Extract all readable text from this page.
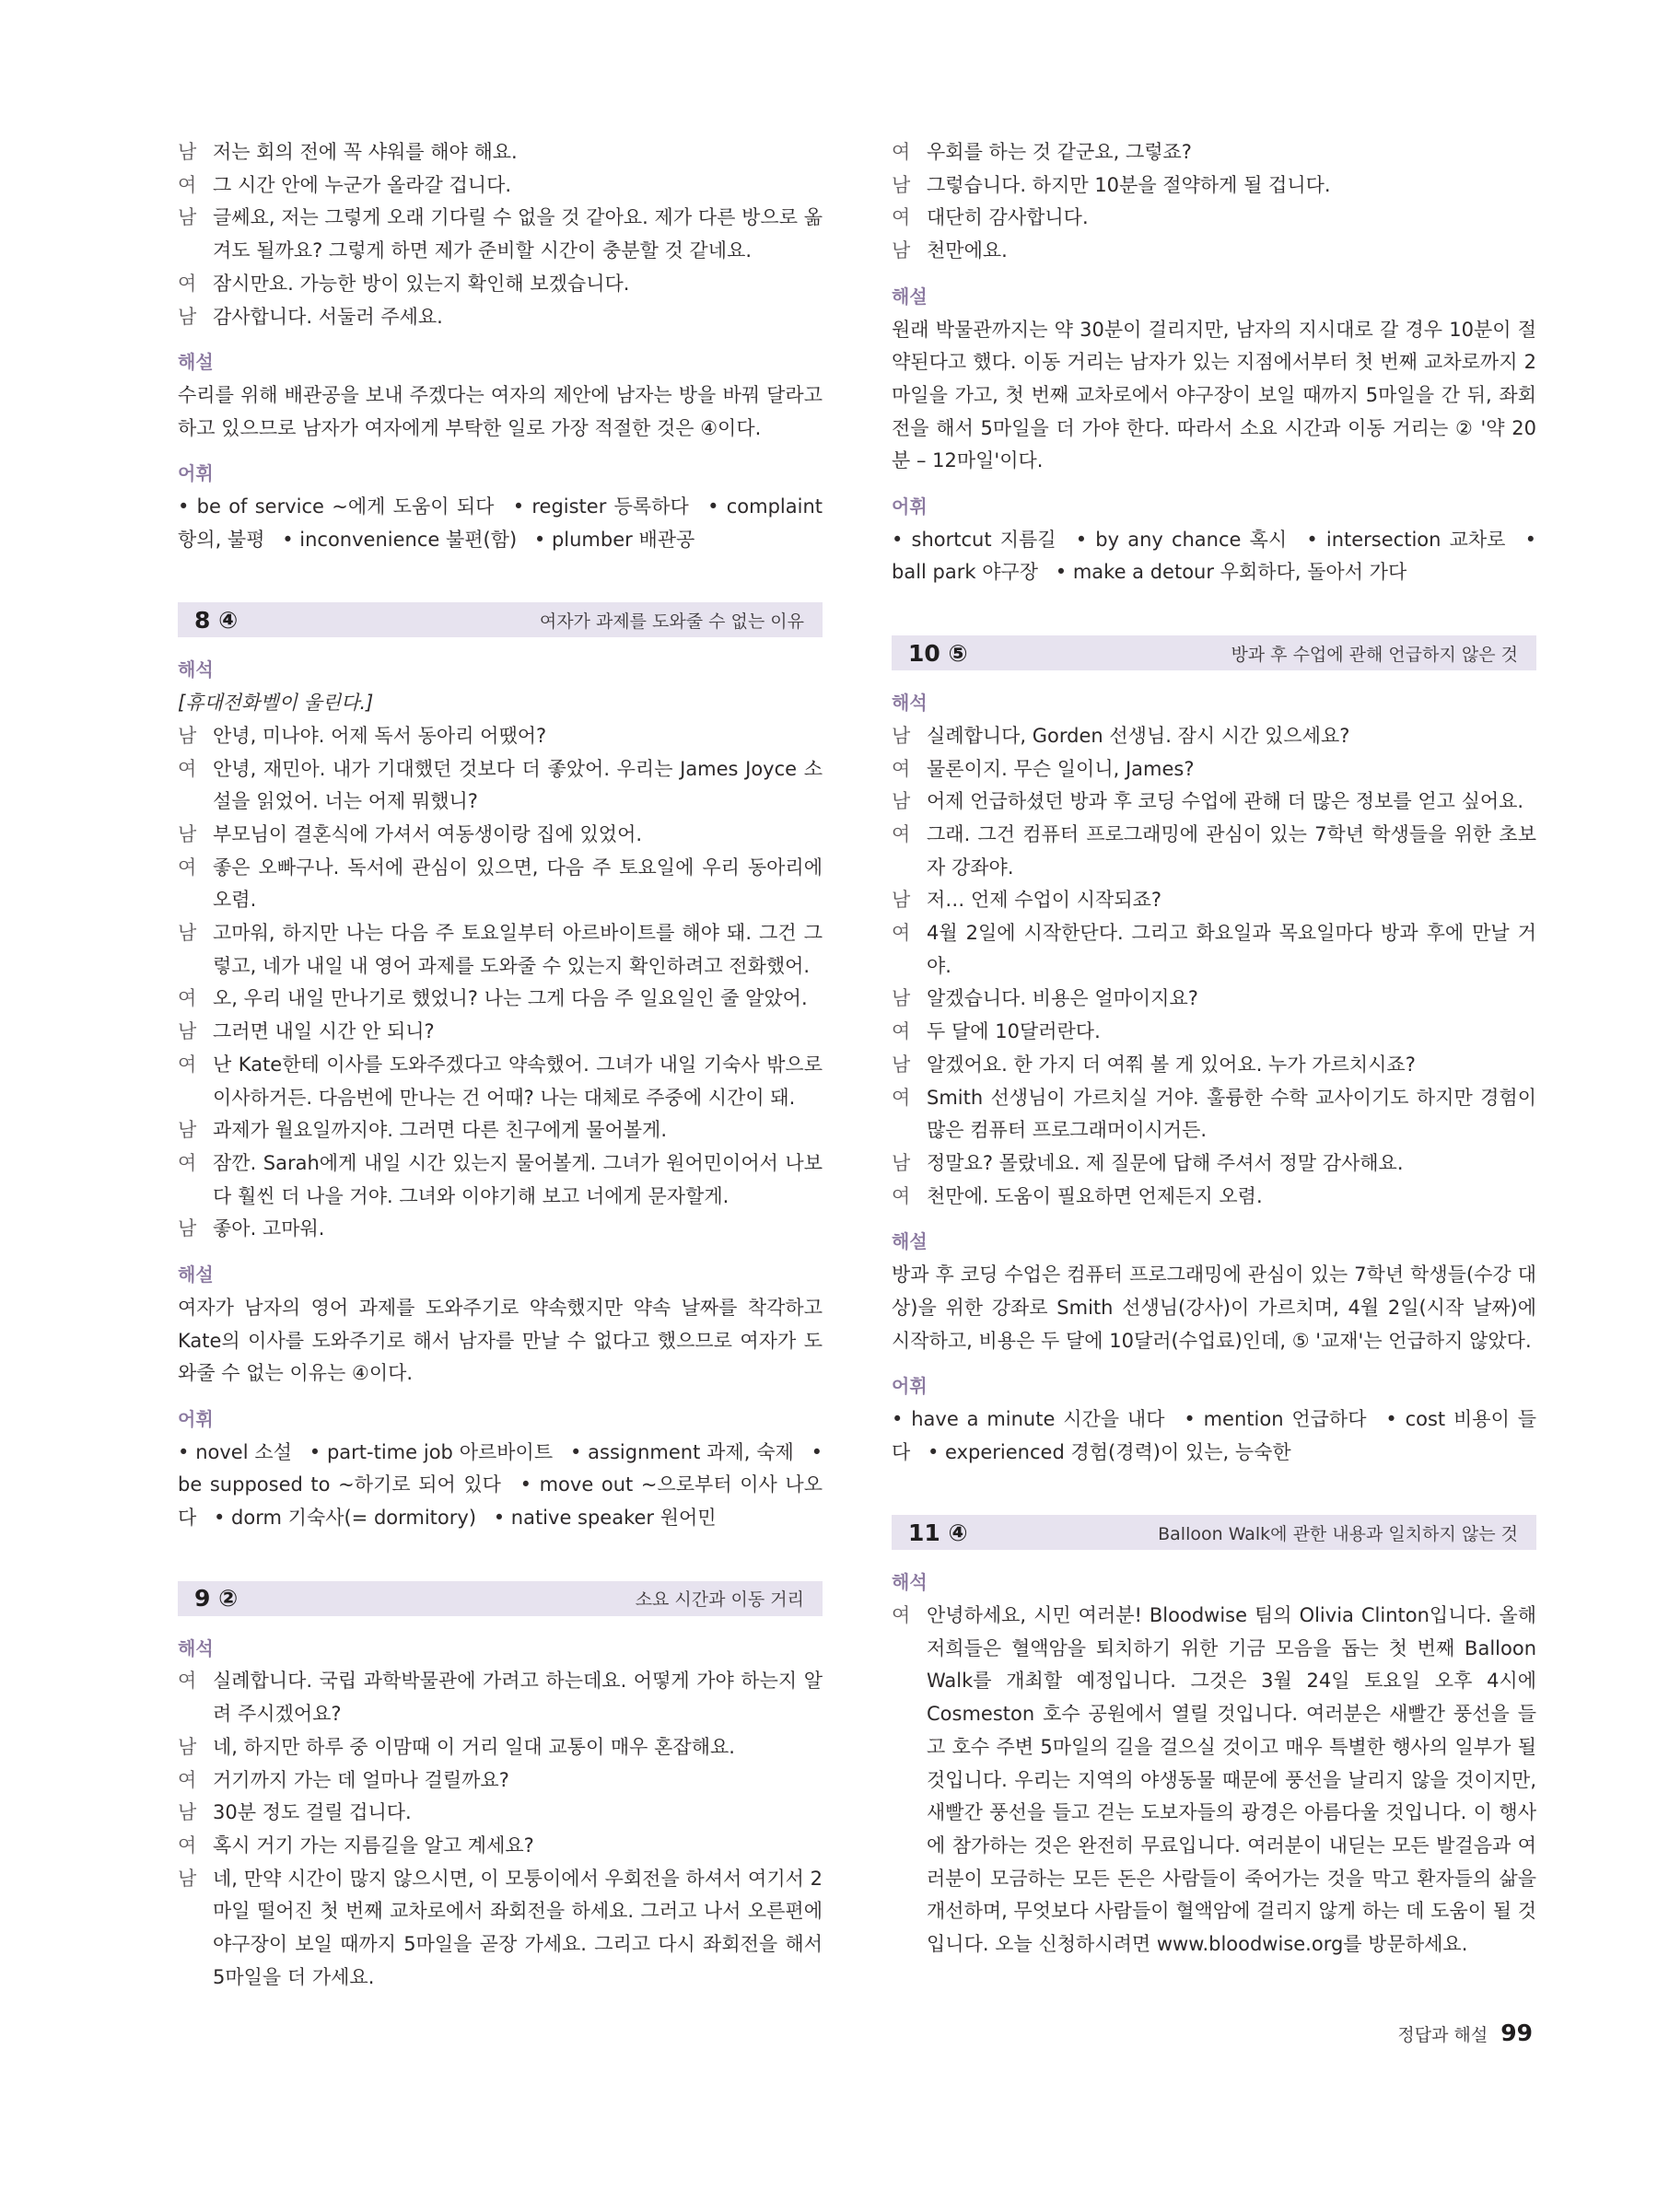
남 저는 회의 전에 꼭 샤워를 해야 해요.
여 그 시간 안에 누군가 올라갈 겁니다.
남 글쎄요, 저는 그렇게 오래 기다릴 수 없을 것 같아요. 제가 다른 방으로 옮겨도 될까요? 그렇게 하면 제가 준비할 시간이 충분할 것 같네요.
여 잠시만요. 가능한 방이 있는지 확인해 보겠습니다.
남 감사합니다. 서둘러 주세요.
해설
수리를 위해 배관공을 보내 주겠다는 여자의 제안에 남자는 방을 바꿔 달라고 하고 있으므로 남자가 여자에게 부탁한 일로 가장 적절한 것은 ④이다.
어휘
• be of service ~에게 도움이 되다 • register 등록하다 • complaint 항의, 불평 • inconvenience 불편(함) • plumber 배관공
8 ④	여자가 과제를 도와줄 수 없는 이유
해석
[휴대전화벨이 울린다.]
남 안녕, 미나야. 어제 독서 동아리 어땠어?
여 안녕, 재민아. 내가 기대했던 것보다 더 좋았어. 우리는 James Joyce 소설을 읽었어. 너는 어제 뭐했니?
남 부모님이 결혼식에 가셔서 여동생이랑 집에 있었어.
여 좋은 오빠구나. 독서에 관심이 있으면, 다음 주 토요일에 우리 동아리에 오렴.
남 고마워, 하지만 나는 다음 주 토요일부터 아르바이트를 해야 돼. 그건 그렇고, 네가 내일 내 영어 과제를 도와줄 수 있는지 확인하려고 전화했어.
여 오, 우리 내일 만나기로 했었니? 나는 그게 다음 주 일요일인 줄 알았어.
남 그러면 내일 시간 안 되니?
여 난 Kate한테 이사를 도와주겠다고 약속했어. 그녀가 내일 기숙사 밖으로 이사하거든. 다음번에 만나는 건 어때? 나는 대체로 주중에 시간이 돼.
남 과제가 월요일까지야. 그러면 다른 친구에게 물어볼게.
여 잠깐. Sarah에게 내일 시간 있는지 물어볼게. 그녀가 원어민이어서 나보다 훨씬 더 나을 거야. 그녀와 이야기해 보고 너에게 문자할게.
남 좋아. 고마워.
해설
여자가 남자의 영어 과제를 도와주기로 약속했지만 약속 날짜를 착각하고 Kate의 이사를 도와주기로 해서 남자를 만날 수 없다고 했으므로 여자가 도와줄 수 없는 이유는 ④이다.
어휘
• novel 소설 • part-time job 아르바이트 • assignment 과제, 숙제 • be supposed to ~하기로 되어 있다 • move out ~으로부터 이사 나오다 • dorm 기숙사(= dormitory) • native speaker 원어민
9 ②	소요 시간과 이동 거리
해석
여 실례합니다. 국립 과학박물관에 가려고 하는데요. 어떻게 가야 하는지 알려 주시겠어요?
남 네, 하지만 하루 중 이맘때 이 거리 일대 교통이 매우 혼잡해요.
여 거기까지 가는 데 얼마나 걸릴까요?
남 30분 정도 걸릴 겁니다.
여 혹시 거기 가는 지름길을 알고 계세요?
남 네, 만약 시간이 많지 않으시면, 이 모퉁이에서 우회전을 하셔서 여기서 2마일 떨어진 첫 번째 교차로에서 좌회전을 하세요. 그러고 나서 오른편에 야구장이 보일 때까지 5마일을 곧장 가세요. 그리고 다시 좌회전을 해서 5마일을 더 가세요.
여 우회를 하는 것 같군요, 그렇죠?
남 그렇습니다. 하지만 10분을 절약하게 될 겁니다.
여 대단히 감사합니다.
남 천만에요.
해설
원래 박물관까지는 약 30분이 걸리지만, 남자의 지시대로 갈 경우 10분이 절약된다고 했다. 이동 거리는 남자가 있는 지점에서부터 첫 번째 교차로까지 2마일을 가고, 첫 번째 교차로에서 야구장이 보일 때까지 5마일을 간 뒤, 좌회전을 해서 5마일을 더 가야 한다. 따라서 소요 시간과 이동 거리는 ② '약 20분 – 12마일'이다.
어휘
• shortcut 지름길 • by any chance 혹시 • intersection 교차로 • ball park 야구장 • make a detour 우회하다, 돌아서 가다
10 ⑤	방과 후 수업에 관해 언급하지 않은 것
해석
남 실례합니다, Gorden 선생님. 잠시 시간 있으세요?
여 물론이지. 무슨 일이니, James?
남 어제 언급하셨던 방과 후 코딩 수업에 관해 더 많은 정보를 얻고 싶어요.
여 그래. 그건 컴퓨터 프로그래밍에 관심이 있는 7학년 학생들을 위한 초보자 강좌야.
남 저… 언제 수업이 시작되죠?
여 4월 2일에 시작한단다. 그리고 화요일과 목요일마다 방과 후에 만날 거야.
남 알겠습니다. 비용은 얼마이지요?
여 두 달에 10달러란다.
남 알겠어요. 한 가지 더 여쭤 볼 게 있어요. 누가 가르치시죠?
여 Smith 선생님이 가르치실 거야. 훌륭한 수학 교사이기도 하지만 경험이 많은 컴퓨터 프로그래머이시거든.
남 정말요? 몰랐네요. 제 질문에 답해 주셔서 정말 감사해요.
여 천만에. 도움이 필요하면 언제든지 오렴.
해설
방과 후 코딩 수업은 컴퓨터 프로그래밍에 관심이 있는 7학년 학생들(수강 대상)을 위한 강좌로 Smith 선생님(강사)이 가르치며, 4월 2일(시작 날짜)에 시작하고, 비용은 두 달에 10달러(수업료)인데, ⑤ '교재'는 언급하지 않았다.
어휘
• have a minute 시간을 내다 • mention 언급하다 • cost 비용이 들다 • experienced 경험(경력)이 있는, 능숙한
11 ④	Balloon Walk에 관한 내용과 일치하지 않는 것
해석
여 안녕하세요, 시민 여러분! Bloodwise 팀의 Olivia Clinton입니다. 올해 저희들은 혈액암을 퇴치하기 위한 기금 모음을 돕는 첫 번째 Balloon Walk를 개최할 예정입니다. 그것은 3월 24일 토요일 오후 4시에 Cosmeston 호수 공원에서 열릴 것입니다. 여러분은 새빨간 풍선을 들고 호수 주변 5마일의 길을 걸으실 것이고 매우 특별한 행사의 일부가 될 것입니다. 우리는 지역의 야생동물 때문에 풍선을 날리지 않을 것이지만, 새빨간 풍선을 들고 걷는 도보자들의 광경은 아름다울 것입니다. 이 행사에 참가하는 것은 완전히 무료입니다. 여러분이 내딛는 모든 발걸음과 여러분이 모금하는 모든 돈은 사람들이 죽어가는 것을 막고 환자들의 삶을 개선하며, 무엇보다 사람들이 혈액암에 걸리지 않게 하는 데 도움이 될 것입니다. 오늘 신청하시려면 www.bloodwise.org를 방문하세요.
정답과 해설 99
